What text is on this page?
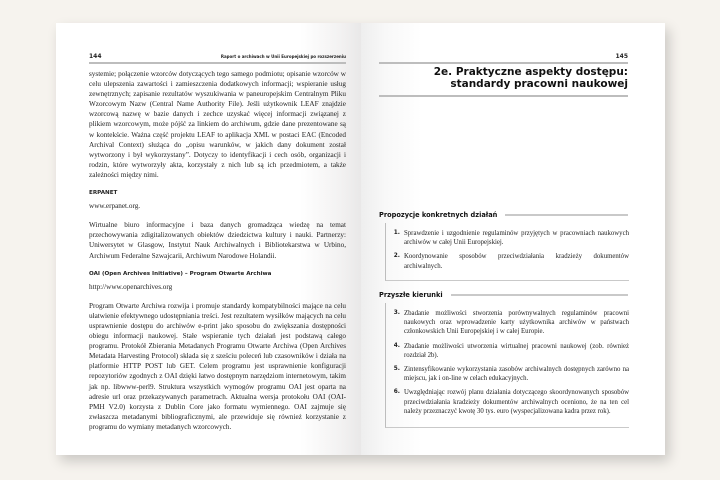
144	Raport o archiwach w Unii Europejskiej po rozszerzeniu

systemie; połączenie wzorców dotyczących tego samego podmiotu; opisanie wzorców w celu ulepszenia zawartości i zamieszczenia dodatkowych informacji; wspieranie usług zewnętrznych; zapisanie rezultatów wyszukiwania w paneuropejskim Centralnym Pliku Wzorcowym Nazw (Central Name Authority File). Jeśli użytkownik LEAF znajdzie wzorcową nazwę w bazie danych i zechce uzyskać więcej informacji związanej z plikiem wzorcowym, może pójść za linkiem do archiwum, gdzie dane prezentowane są w kontekście. Ważna część projektu LEAF to aplikacja XML w postaci EAC (Encoded Archival Context) służąca do „opisu warunków, w jakich dany dokument został wytworzony i był wykorzystany”. Dotyczy to identyfikacji i cech osób, organizacji i rodzin, które wytworzyły akta, korzystały z nich lub są ich przedmiotem, a także zależności między nimi.

ERPANET

www.erpanet.org.

Wirtualne biuro informacyjne i baza danych gromadząca wiedzę na temat przechowywania zdigitalizowanych obiektów dziedzictwa kultury i nauki. Partnerzy: Uniwersytet w Glasgow, Instytut Nauk Archiwalnych i Bibliotekarstwa w Urbino, Archiwum Federalne Szwajcarii, Archiwum Narodowe Holandii.

OAI (Open Archives Initiative) – Program Otwarte Archiwa

http://www.openarchives.org

Program Otwarte Archiwa rozwija i promuje standardy kompatybilności mające na celu ułatwienie efektywnego udostępniania treści. Jest rezultatem wysiłków mających na celu usprawnienie dostępu do archiwów e-print jako sposobu do zwiększania dostępności obiegu informacji naukowej. Stałe wspieranie tych działań jest podstawą całego programu. Protokół Zbierania Metadanych Programu Otwarte Archiwa (Open Archives Metadata Harvesting Protocol) składa się z sześciu poleceń lub czasowników i działa na platformie HTTP POST lub GET. Celem programu jest usprawnienie konfiguracji repozytoriów zgodnych z OAI dzięki łatwo dostępnym narzędziom internetowym, takim jak np. libwww-perl9. Struktura wszystkich wymogów programu OAI jest oparta na adresie url oraz przekazywanych parametrach. Aktualna wersja protokołu OAI (OAI-PMH V2.0) korzysta z Dublin Core jako formatu wymiennego. OAI zajmuje się zwłaszcza metadanymi bibliograficznymi, ale przewiduje się również korzystanie z programu do wymiany metadanych wzorcowych.

145
2e. Praktyczne aspekty dostępu:
standardy pracowni naukowej
Propozycje konkretnych działań
1. Sprawdzenie i uzgodnienie regulaminów przyjętych w pracowniach naukowych archiwów w całej Unii Europejskiej.
2. Koordynowanie sposobów przeciwdziałania kradzieży dokumentów archiwalnych.
Przyszłe kierunki
3. Zbadanie możliwości stworzenia porównywalnych regulaminów pracowni naukowych oraz wprowadzenie karty użytkownika archiwów w państwach członkowskich Unii Europejskiej i w całej Europie.
4. Zbadanie możliwości utworzenia wirtualnej pracowni naukowej (zob. również rozdział 2b).
5. Zintensyfikowanie wykorzystania zasobów archiwalnych dostępnych zarówno na miejscu, jak i on-line w celach edukacyjnych.
6. Uwzględniając rozwój planu działania dotyczącego skoordynowanych sposobów przeciwdziałania kradzieży dokumentów archiwalnych oceniono, że na ten cel należy przeznaczyć kwotę 30 tys. euro (wyspecjalizowana kadra przez rok).
